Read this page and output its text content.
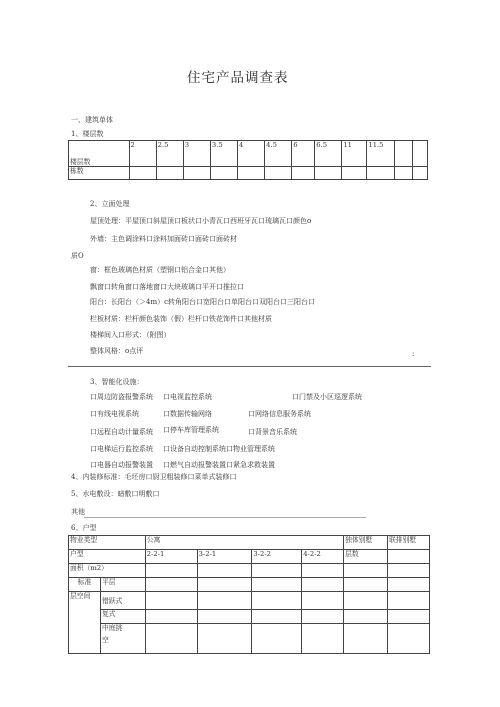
住宅产品调查表
一、建筑单体
1、楼层数
楼层数	2	2.5	3	3.5	4	4.5	6	6.5	11	11.5		
栋数												
2、立面处理
屋顶处理：平屋顶口斜屋顶口板状口小青瓦口西班牙瓦口琉璃瓦口颜色o
外墙：主色调涂料口涂料加面砖口面砖口面砖材
质O
窗：框色玻璃色材质（塑钢口铝合金口其他）
飘窗口转角窗口落地窗口大块玻璃口平开口推拉口
阳台：长阳台（＞4m）c转角阳台口宽阳台口单阳台口双阳台口三阳台口
栏板材质：栏杆颜色装饰（假）栏杆口铁花饰件口其他材质
楼梯间入口形式：（附图）
整体风格：o点评	:
3、智能化设施：
口周边防盗报警系统 口电视监控系统	口门禁及小区巡逻系统
口有线电视系统	口数据传输网络	口网络信息服务系统
口远程自动计量系统 口停车库管理系统	口背景音乐系统
口电梯运行监控系统 口设备自动控制系统口物业管理系统
口电器自动报警装置 口燃气自动报警装置口紧急求救装置
4、内装修标准：毛坯房口厨卫粗装修口菜单式装修口
5、水电敷设：暗敷口明敷口
其他
6、户型
物业类型		公寓				独体别墅	联排别墅
户型		2-2-1	3-2-1	3-2-2	4-2-2	层数	
面积（m2）							
标准	平层						
层空间	错跃式						
	复式						

	中庭挑
空						
